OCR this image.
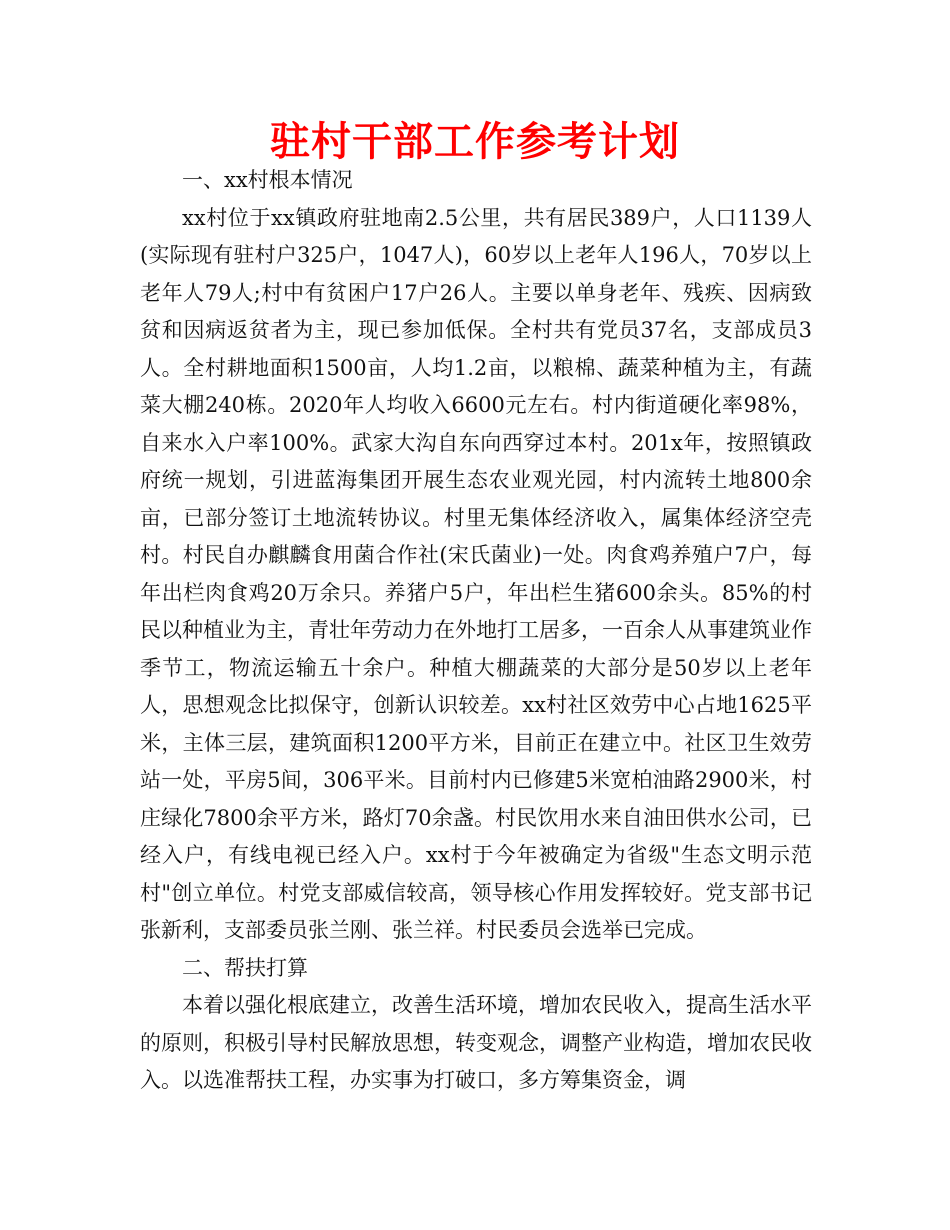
驻村干部工作参考计划

一、xx村根本情况

xx村位于xx镇政府驻地南2.5公里，共有居民389户，人口1139人(实际现有驻村户325户，1047人)，60岁以上老年人196人，70岁以上老年人79人;村中有贫困户17户26人。主要以单身老年、残疾、因病致贫和因病返贫者为主，现已参加低保。全村共有党员37名，支部成员3人。全村耕地面积1500亩，人均1.2亩，以粮棉、蔬菜种植为主，有蔬菜大棚240栋。2020年人均收入6600元左右。村内街道硬化率98%，自来水入户率100%。武家大沟自东向西穿过本村。201x年，按照镇政府统一规划，引进蓝海集团开展生态农业观光园，村内流转土地800余亩，已部分签订土地流转协议。村里无集体经济收入，属集体经济空壳村。村民自办麒麟食用菌合作社(宋氏菌业)一处。肉食鸡养殖户7户，每年出栏肉食鸡20万余只。养猪户5户，年出栏生猪600余头。85%的村民以种植业为主，青壮年劳动力在外地打工居多，一百余人从事建筑业作季节工，物流运输五十余户。种植大棚蔬菜的大部分是50岁以上老年人，思想观念比拟保守，创新认识较差。xx村社区效劳中心占地1625平米，主体三层，建筑面积1200平方米，目前正在建立中。社区卫生效劳站一处，平房5间，306平米。目前村内已修建5米宽柏油路2900米，村庄绿化7800余平方米，路灯70余盏。村民饮用水来自油田供水公司，已经入户，有线电视已经入户。xx村于今年被确定为省级"生态文明示范村"创立单位。村党支部威信较高，领导核心作用发挥较好。党支部书记张新利，支部委员张兰刚、张兰祥。村民委员会选举已完成。

二、帮扶打算

本着以强化根底建立，改善生活环境，增加农民收入，提高生活水平的原则，积极引导村民解放思想，转变观念，调整产业构造，增加农民收入。以选准帮扶工程，办实事为打破口，多方筹集资金，调
